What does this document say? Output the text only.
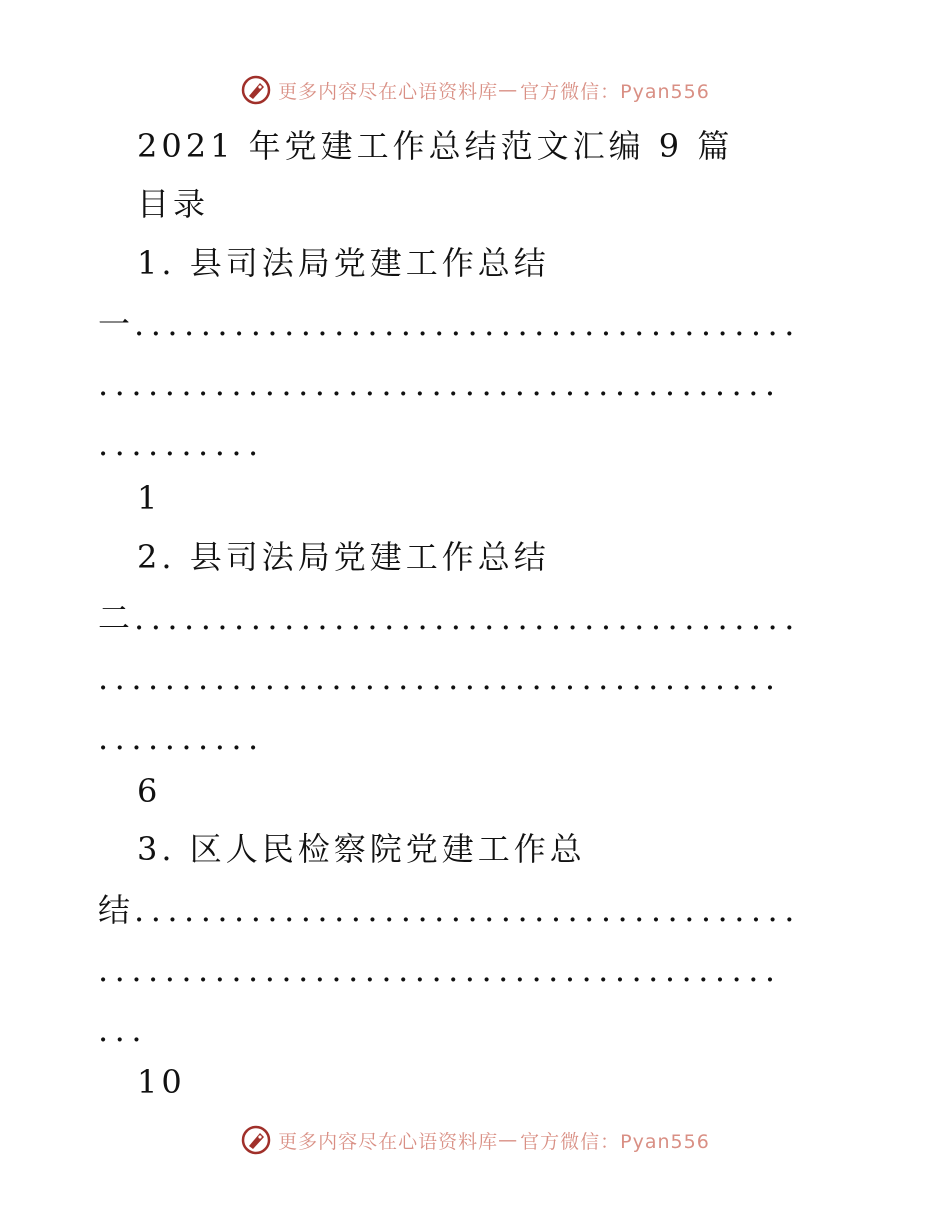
更多内容尽在心语资料库 — 官方微信：Pyan556
2021 年党建工作总结范文汇编 9 篇
目录
1. 县司法局党建工作总结
一........................................
.........................................
..........
1
2. 县司法局党建工作总结
二........................................
.........................................
..........
6
3. 区人民检察院党建工作总
结........................................
.........................................
...
10
更多内容尽在心语资料库 — 官方微信：Pyan556
